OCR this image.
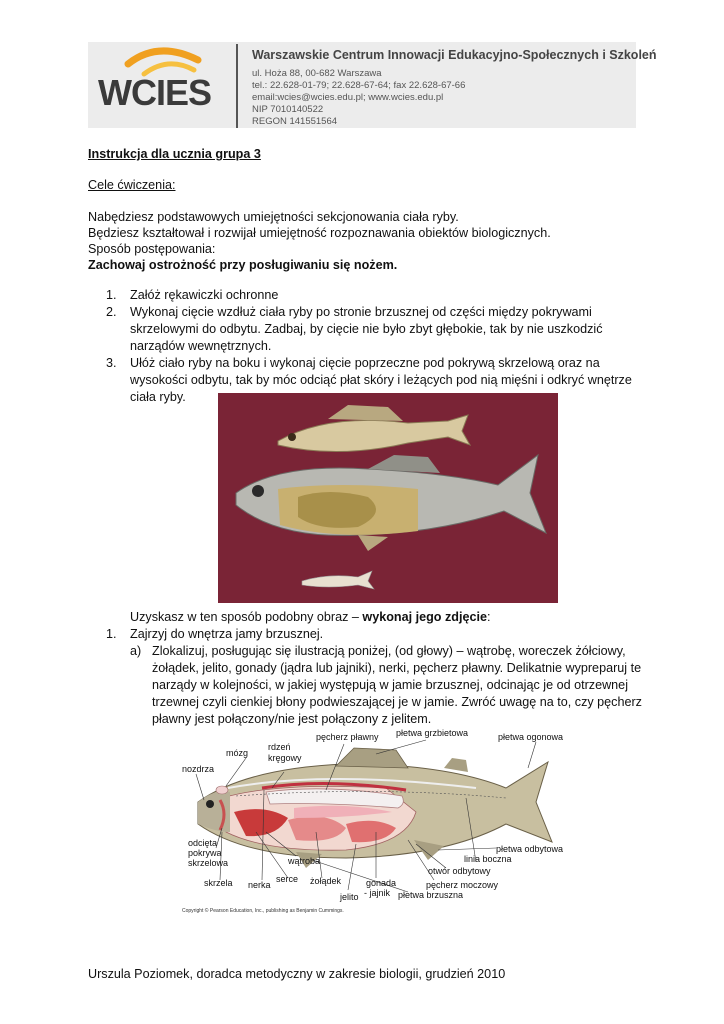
WCIES
Warszawskie Centrum Innowacji Edukacyjno-Społecznych i Szkoleń
ul. Hoża 88, 00-682 Warszawa
tel.: 22.628-01-79; 22.628-67-64; fax 22.628-67-66
email:wcies@wcies.edu.pl; www.wcies.edu.pl
NIP 7010140522
REGON 141551564
Instrukcja dla ucznia grupa 3
Cele ćwiczenia:
Nabędziesz podstawowych umiejętności sekcjonowania ciała ryby.
Będziesz kształtował i rozwijał umiejętność rozpoznawania obiektów biologicznych.
Sposób postępowania:
Zachowaj ostrożność przy posługiwaniu się nożem.
1. Załóż rękawiczki ochronne
2. Wykonaj cięcie wzdłuż ciała ryby po stronie brzusznej od części między pokrywami
skrzelowymi do odbytu. Zadbaj, by cięcie nie było zbyt głębokie, tak by nie uszkodzić
narządów wewnętrznych.
3. Ułóż ciało ryby na boku i wykonaj cięcie poprzeczne pod pokrywą skrzelową oraz na
wysokości odbytu, tak by móc odciąć płat skóry i leżących pod nią mięśni i odkryć wnętrze
ciała ryby.
Uzyskasz w ten sposób podobny obraz – wykonaj jego zdjęcie:
1. Zajrzyj do wnętrza jamy brzusznej.
a) Zlokalizuj, posługując się ilustracją poniżej, (od głowy) – wątrobę, woreczek żółciowy,
żołądek, jelito, gonady (jądra lub jajniki), nerki, pęcherz pławny. Delikatnie wypreparuj te
narządy w kolejności, w jakiej występują w jamie brzusznej, odcinając je od otrzewnej
trzewnej czyli cienkiej błony podwieszającej je w jamie. Zwróć uwagę na to, czy pęcherz
pławny jest połączony/nie jest połączony z jelitem.
mózg
rdzeń
kręgowy
pęcherz pławny płetwa grzbietowa	płetwa ogonowa
nozdrza
odcięta
pokrywa
skrzelowa	wątroba
płetwa odbytowa
linia boczna
otwór odbytowy
skrzela nerka
serce żołądek	gonada
- jajnik
jelito
pęcherz moczowy
płetwa brzuszna
Copyright © Pearson Education, Inc., publishing as Benjamin Cummings.
Urszula Poziomek, doradca metodyczny w zakresie biologii, grudzień 2010
